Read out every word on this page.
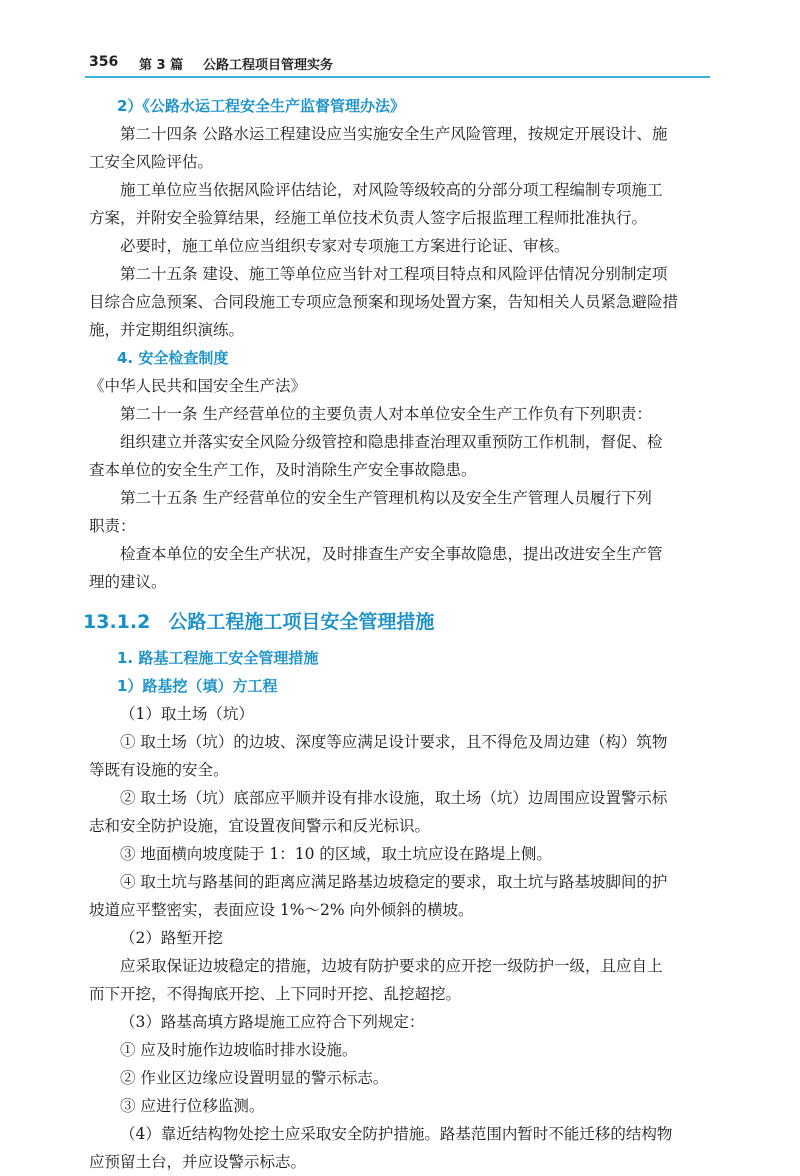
356 第 3 篇 公路工程项目管理实务
2）《公路水运工程安全生产监督管理办法》
第二十四条 公路水运工程建设应当实施安全生产风险管理，按规定开展设计、施
工安全风险评估。
施工单位应当依据风险评估结论，对风险等级较高的分部分项工程编制专项施工
方案，并附安全验算结果，经施工单位技术负责人签字后报监理工程师批准执行。
必要时，施工单位应当组织专家对专项施工方案进行论证、审核。
第二十五条 建设、施工等单位应当针对工程项目特点和风险评估情况分别制定项
目综合应急预案、合同段施工专项应急预案和现场处置方案，告知相关人员紧急避险措
施，并定期组织演练。
4. 安全检查制度
《中华人民共和国安全生产法》
第二十一条 生产经营单位的主要负责人对本单位安全生产工作负有下列职责：
组织建立并落实安全风险分级管控和隐患排查治理双重预防工作机制，督促、检
查本单位的安全生产工作，及时消除生产安全事故隐患。
第二十五条 生产经营单位的安全生产管理机构以及安全生产管理人员履行下列
职责：
检查本单位的安全生产状况，及时排查生产安全事故隐患，提出改进安全生产管
理的建议。
13.1.2 公路工程施工项目安全管理措施
1. 路基工程施工安全管理措施
1）路基挖（填）方工程
（1）取土场（坑）
① 取土场（坑）的边坡、深度等应满足设计要求，且不得危及周边建（构）筑物
等既有设施的安全。
② 取土场（坑）底部应平顺并设有排水设施，取土场（坑）边周围应设置警示标
志和安全防护设施，宜设置夜间警示和反光标识。
③ 地面横向坡度陡于 1：10 的区域，取土坑应设在路堤上侧。
④ 取土坑与路基间的距离应满足路基边坡稳定的要求，取土坑与路基坡脚间的护
坡道应平整密实，表面应设 1%～2% 向外倾斜的横坡。
（2）路堑开挖
应采取保证边坡稳定的措施，边坡有防护要求的应开挖一级防护一级，且应自上
而下开挖，不得掏底开挖、上下同时开挖、乱挖超挖。
（3）路基高填方路堤施工应符合下列规定：
① 应及时施作边坡临时排水设施。
② 作业区边缘应设置明显的警示标志。
③ 应进行位移监测。
（4）靠近结构物处挖土应采取安全防护措施。路基范围内暂时不能迁移的结构物
应预留土台，并应设警示标志。
